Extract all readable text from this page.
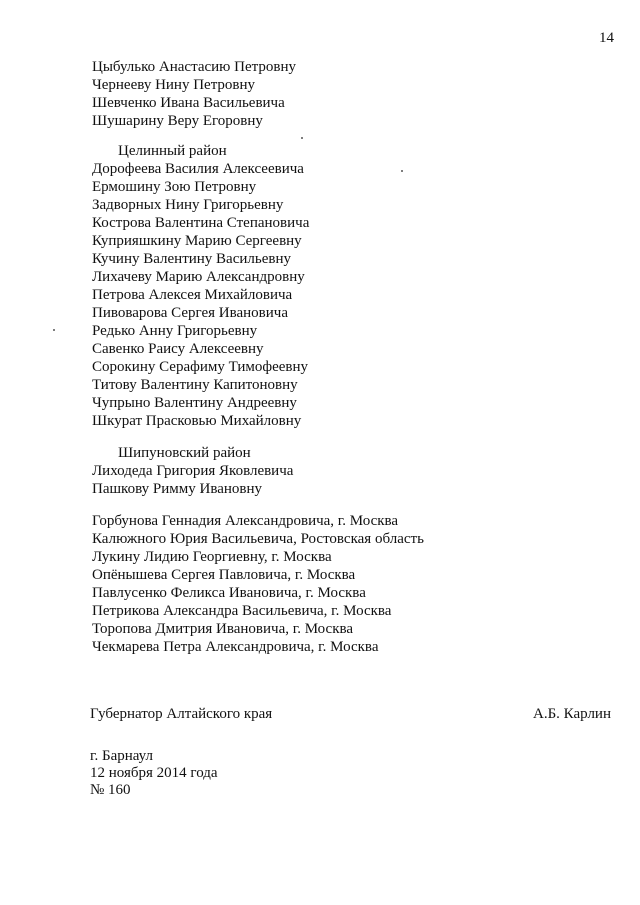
14
Цыбулько Анастасию Петровну
Чернееву Нину Петровну
Шевченко Ивана Васильевича
Шушарину Веру Егоровну
Целинный район
Дорофеева Василия Алексеевича
Ермошину Зою Петровну
Задворных Нину Григорьевну
Кострова Валентина Степановича
Куприяшкину Марию Сергеевну
Кучину Валентину Васильевну
Лихачеву Марию Александровну
Петрова Алексея Михайловича
Пивоварова Сергея Ивановича
Редько Анну Григорьевну
Савенко Раису Алексеевну
Сорокину Серафиму Тимофеевну
Титову Валентину Капитоновну
Чупрыно Валентину Андреевну
Шкурат Прасковью Михайловну
Шипуновский район
Лиходеда Григория Яковлевича
Пашкову Римму Ивановну
Горбунова Геннадия Александровича, г. Москва
Калюжного Юрия Васильевича, Ростовская область
Лукину Лидию Георгиевну, г. Москва
Опёнышева Сергея Павловича, г. Москва
Павлусенко Феликса Ивановича, г. Москва
Петрикова Александра Васильевича, г. Москва
Торопова Дмитрия Ивановича, г. Москва
Чекмарева Петра Александровича, г. Москва
Губернатор Алтайского края	А.Б. Карлин
г. Барнаул
12 ноября 2014 года
№ 160
